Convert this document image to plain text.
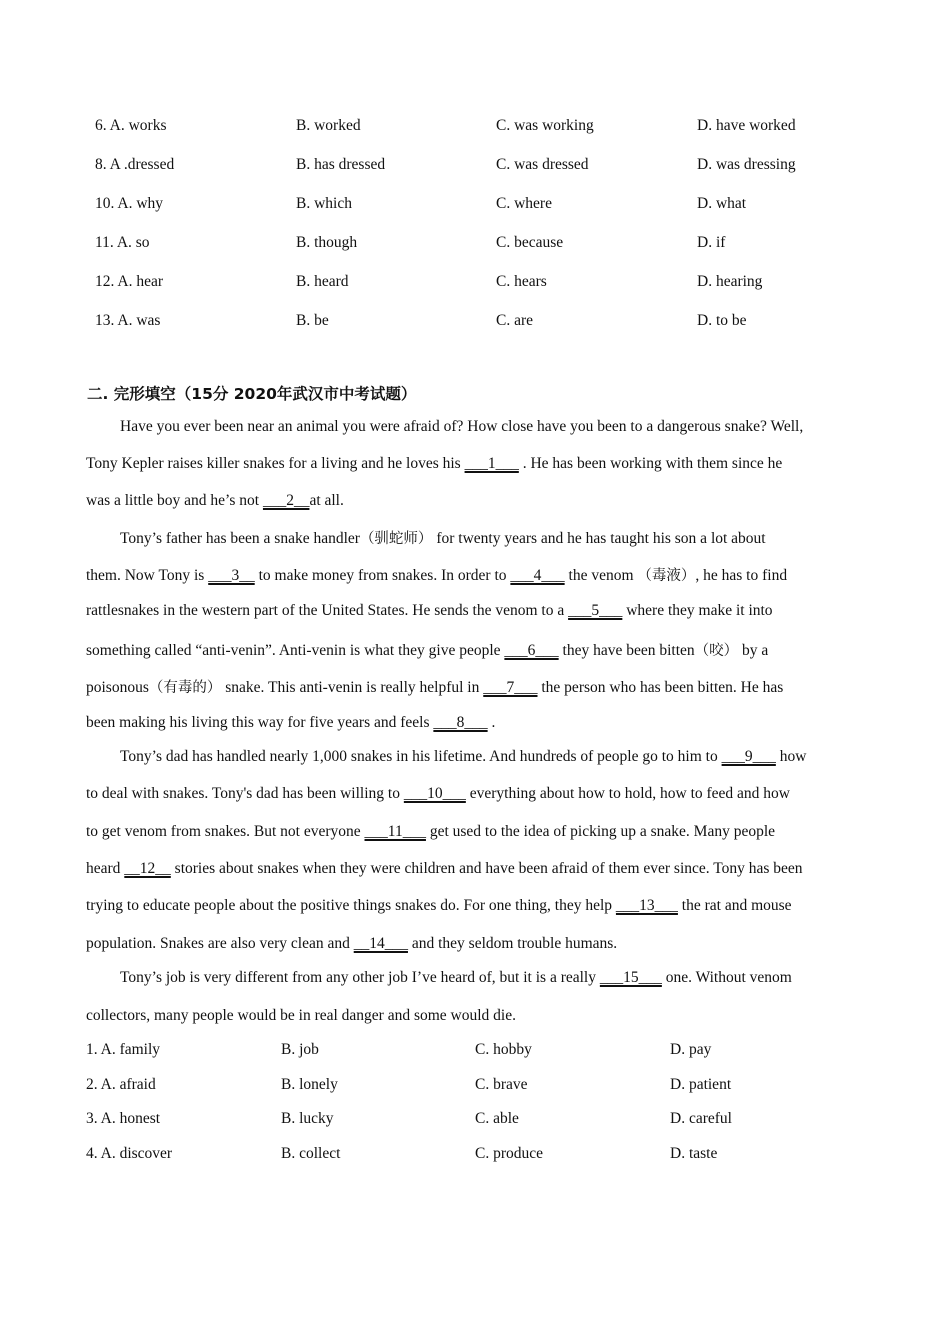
6. A. works	B. worked	C. was working	D. have worked
8. A .dressed	B. has dressed	C. was dressed	D. was dressing
10. A. why	B. which	C. where	D. what
11. A. so	B. though	C. because	D. if
12. A. hear	B. heard	C. hears	D. hearing
13. A. was	B. be	C. are	D. to be
二. 完形填空（15分 2020年武汉市中考试题）
Have you ever been near an animal you were afraid of? How close have you been to a dangerous snake? Well,
Tony Kepler raises killer snakes for a living and he loves his ___1___ . He has been working with them since he
was a little boy and he’s not ___2__at all.
Tony’s father has been a snake handler（驯蛇师） for twenty years and he has taught his son a lot about
them. Now Tony is ___3__ to make money from snakes. In order to ___4___ the venom （毒液）, he has to find
rattlesnakes in the western part of the United States. He sends the venom to a ___5___ where they make it into
something called “anti-venin”. Anti-venin is what they give people ___6___ they have been bitten（咬） by a
poisonous（有毒的） snake. This anti-venin is really helpful in ___7___ the person who has been bitten. He has
been making his living this way for five years and feels ___8___ .
Tony’s dad has handled nearly 1,000 snakes in his lifetime. And hundreds of people go to him to ___9___ how
to deal with snakes. Tony's dad has been willing to ___10___ everything about how to hold, how to feed and how
to get venom from snakes. But not everyone ___11___ get used to the idea of picking up a snake. Many people
heard __12__ stories about snakes when they were children and have been afraid of them ever since. Tony has been
trying to educate people about the positive things snakes do. For one thing, they help ___13___ the rat and mouse
population. Snakes are also very clean and __14___ and they seldom trouble humans.
Tony’s job is very different from any other job I’ve heard of, but it is a really ___15___ one. Without venom
collectors, many people would be in real danger and some would die.
1. A. family	B. job	C. hobby	D. pay
2. A. afraid	B. lonely	C. brave	D. patient
3. A. honest	B. lucky	C. able	D. careful
4. A. discover	B. collect	C. produce	D. taste
